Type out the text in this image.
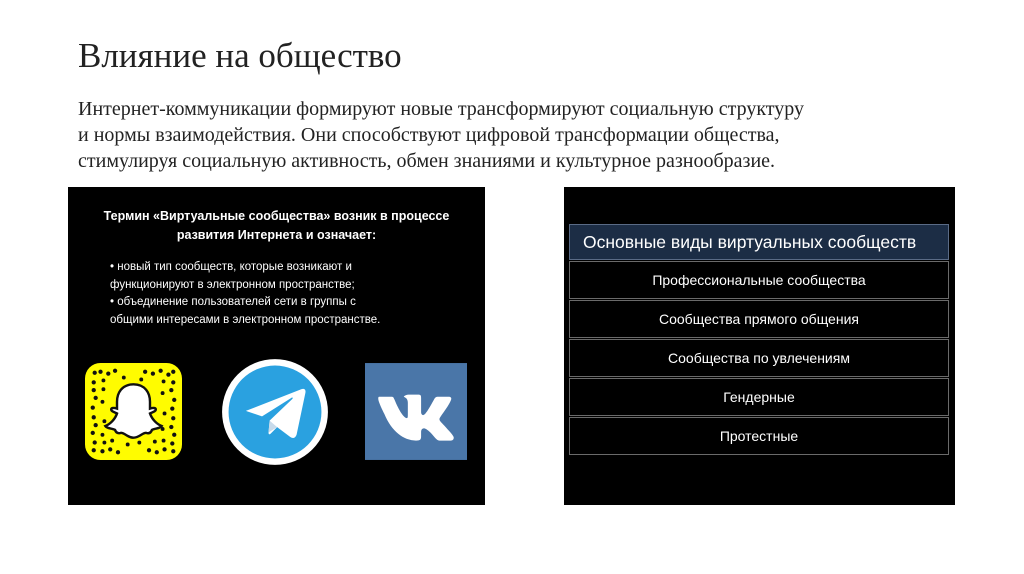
Влияние на общество
Интернет-коммуникации формируют новые трансформируют социальную структуру
и нормы взаимодействия. Они способствуют цифровой трансформации общества,
стимулируя социальную активность, обмен знаниями и культурное разнообразие.
Термин «Виртуальные сообщества» возник в процессе
развития Интернета и означает:
• новый тип сообществ, которые возникают и
функционируют в электронном пространстве;
• объединение пользователей сети в группы с
общими интересами в электронном пространстве.
Основные виды виртуальных сообществ
Профессиональные сообщества
Сообщества прямого общения
Сообщества по увлечениям
Гендерные
Протестные
